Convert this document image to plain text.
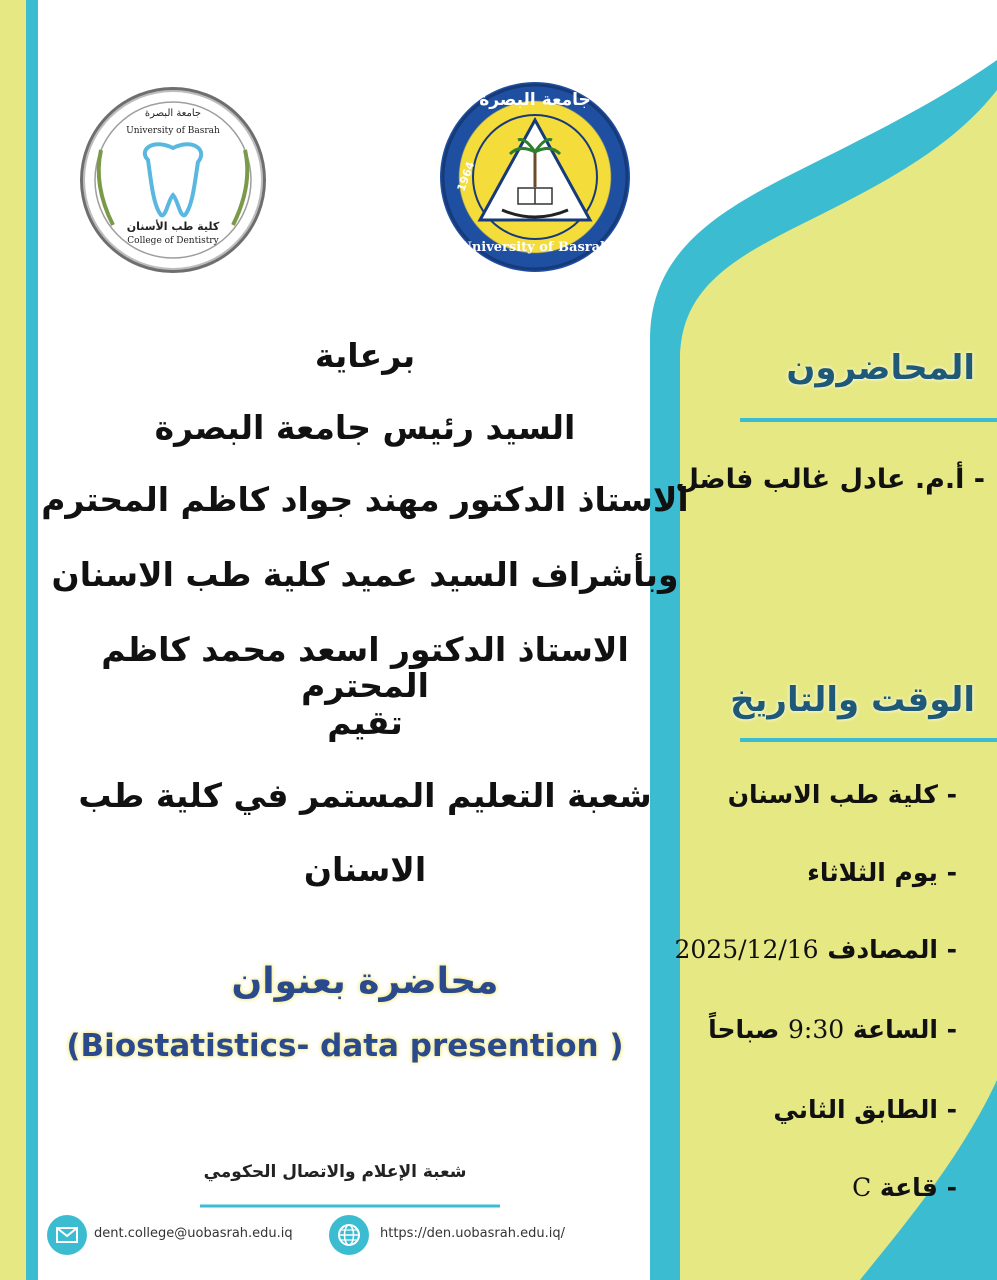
جامعة البصرة
University of Basrah
كلية طب الأسنان
College of Dentistry
جامعة البصرة
University of Basrah
1964
برعاية
السيد رئيس جامعة البصرة
الاستاذ الدكتور مهند جواد كاظم المحترم
وبأشراف السيد عميد كلية طب الاسنان
الاستاذ الدكتور اسعد محمد كاظم المحترم
تقيم
شعبة التعليم المستمر في كلية طب
الاسنان
محاضرة بعنوان
(Biostatistics- data presention )
المحاضرون
- أ.م. عادل غالب فاضل
الوقت والتاريخ
- كلية طب الاسنان
- يوم الثلاثاء
- المصادف 2025/12/16
- الساعة 9:30 صباحاً
- الطابق الثاني
- قاعة C
شعبة الإعلام والاتصال الحكومي
dent.college@uobasrah.edu.iq	https://den.uobasrah.edu.iq/
